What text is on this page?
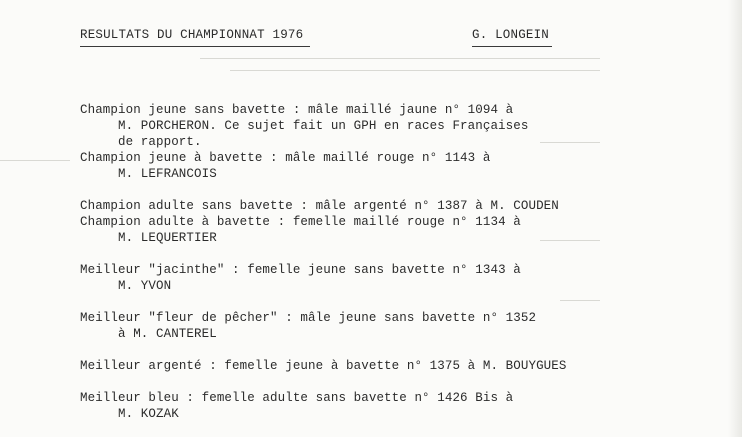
RESULTATS DU CHAMPIONNAT 1976	G. LONGEIN
Champion jeune sans bavette : mâle maillé jaune n° 1094 à
M. PORCHERON. Ce sujet fait un GPH en races Françaises
de rapport.
Champion jeune à bavette : mâle maillé rouge n° 1143 à
M. LEFRANCOIS
Champion adulte sans bavette : mâle argenté n° 1387 à M. COUDEN
Champion adulte à bavette : femelle maillé rouge n° 1134 à
M. LEQUERTIER
Meilleur "jacinthe" : femelle jeune sans bavette n° 1343 à
M. YVON
Meilleur "fleur de pêcher" : mâle jeune sans bavette n° 1352
à M. CANTEREL
Meilleur argenté : femelle jeune à bavette n° 1375 à M. BOUYGUES
Meilleur bleu : femelle adulte sans bavette n° 1426 Bis à
M. KOZAK
